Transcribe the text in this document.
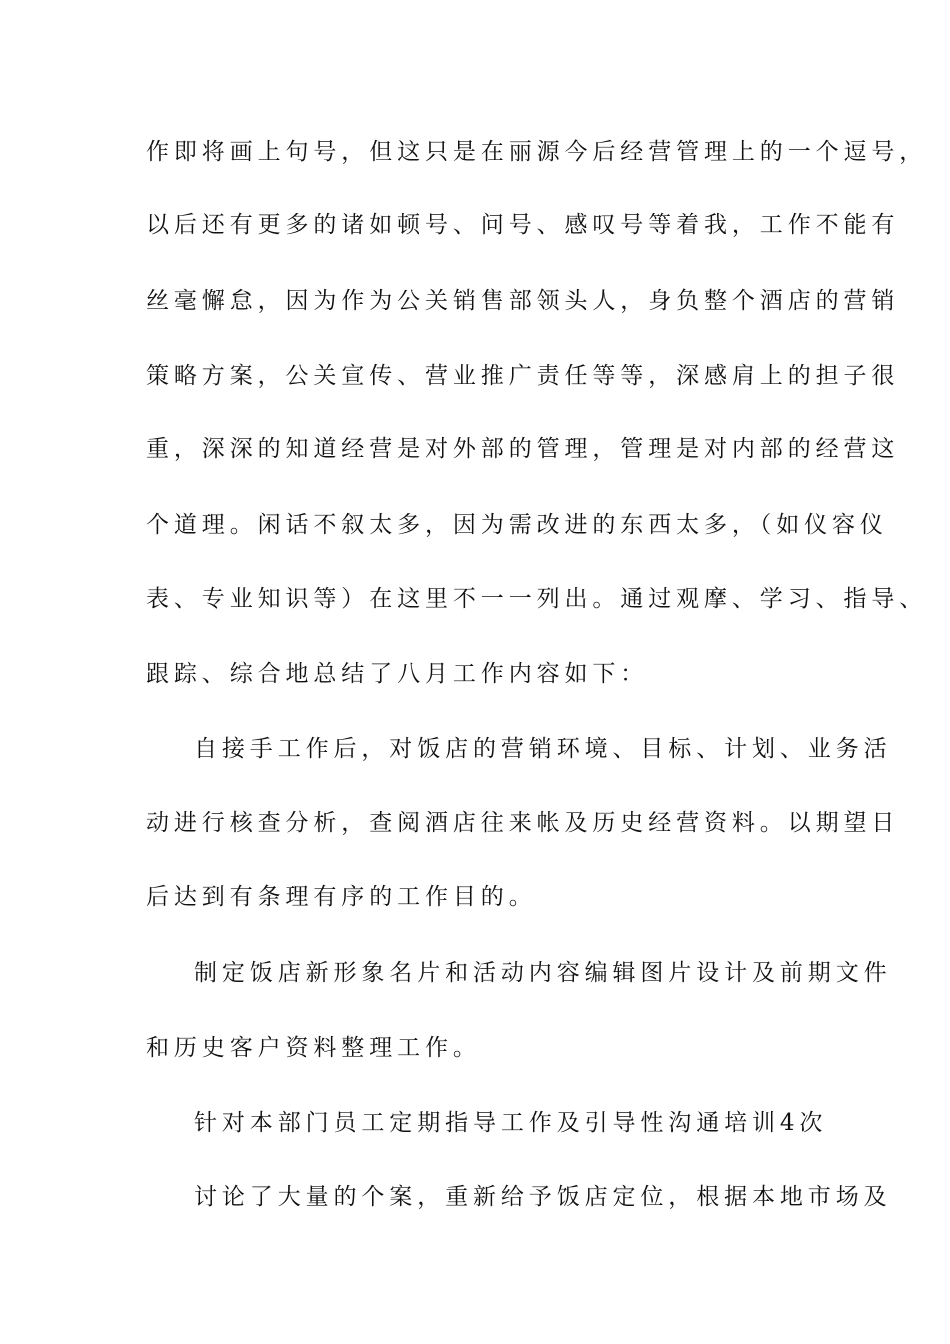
作即将画上句号，但这只是在丽源今后经营管理上的一个逗号，
以后还有更多的诸如顿号、问号、感叹号等着我，工作不能有
丝毫懈怠，因为作为公关销售部领头人，身负整个酒店的营销
策略方案，公关宣传、营业推广责任等等，深感肩上的担子很
重，深深的知道经营是对外部的管理，管理是对内部的经营这
个道理。闲话不叙太多，因为需改进的东西太多，（如仪容仪
表、专业知识等）在这里不一一列出。通过观摩、学习、指导、
跟踪、综合地总结了八月工作内容如下：
自接手工作后，对饭店的营销环境、目标、计划、业务活
动进行核查分析，查阅酒店往来帐及历史经营资料。以期望日
后达到有条理有序的工作目的。
制定饭店新形象名片和活动内容编辑图片设计及前期文件
和历史客户资料整理工作。
针对本部门员工定期指导工作及引导性沟通培训4次
讨论了大量的个案，重新给予饭店定位，根据本地市场及
